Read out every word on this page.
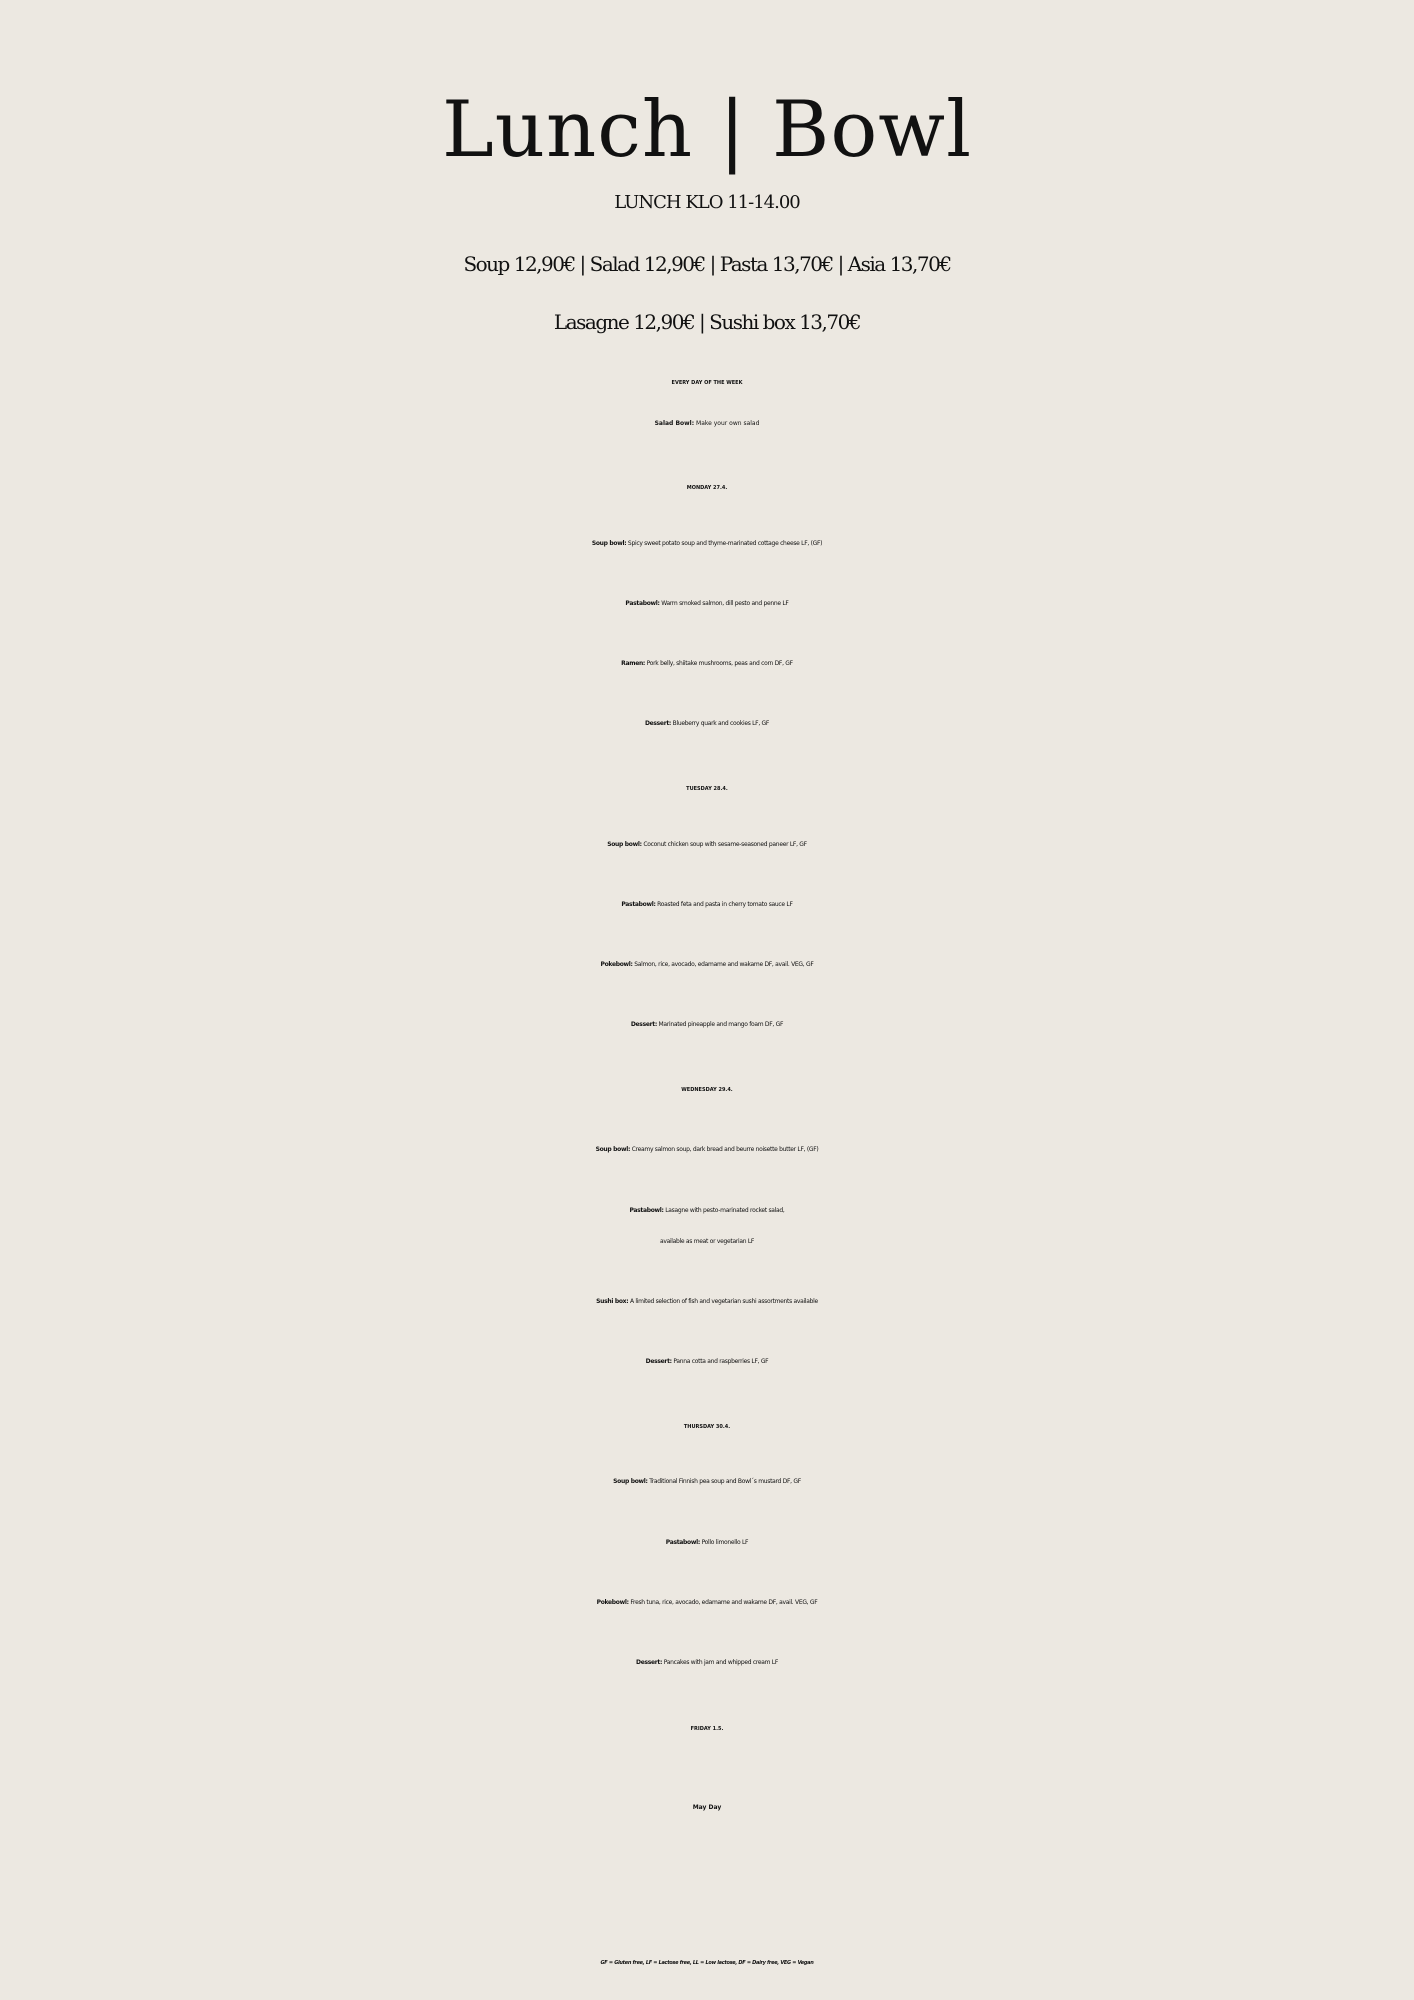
Lunch | Bowl
LUNCH KLO 11-14.00
Soup 12,90€ | Salad 12,90€ | Pasta 13,70€ | Asia 13,70€
Lasagne 12,90€ | Sushi box 13,70€
EVERY DAY OF THE WEEK
Salad Bowl: Make your own salad
MONDAY 27.4.
Soup bowl: Spicy sweet potato soup and thyme-marinated cottage cheese LF, (GF)
Pastabowl: Warm smoked salmon, dill pesto and penne LF
Ramen: Pork belly, shiitake mushrooms, peas and corn DF, GF
Dessert: Blueberry quark and cookies LF, GF
TUESDAY 28.4.
Soup bowl: Coconut chicken soup with sesame-seasoned paneer LF, GF
Pastabowl: Roasted feta and pasta in cherry tomato sauce LF
Pokebowl: Salmon, rice, avocado, edamame and wakame DF, avail. VEG, GF
Dessert: Marinated pineapple and mango foam DF, GF
WEDNESDAY 29.4.
Soup bowl: Creamy salmon soup, dark bread and beurre noisette butter LF, (GF)
Pastabowl: Lasagne with pesto-marinated rocket salad,
available as meat or vegetarian LF
Sushi box: A limited selection of fish and vegetarian sushi assortments available
Dessert: Panna cotta and raspberries LF, GF
THURSDAY 30.4.
Soup bowl: Traditional Finnish pea soup and Bowl´s mustard DF, GF
Pastabowl: Pollo limonello LF
Pokebowl: Fresh tuna, rice, avocado, edamame and wakame DF, avail. VEG, GF
Dessert: Pancakes with jam and whipped cream LF
FRIDAY 1.5.
May Day
GF = Gluten free, LF = Lactose free, LL = Low lactose, DF = Dairy free, VEG = Vegan
